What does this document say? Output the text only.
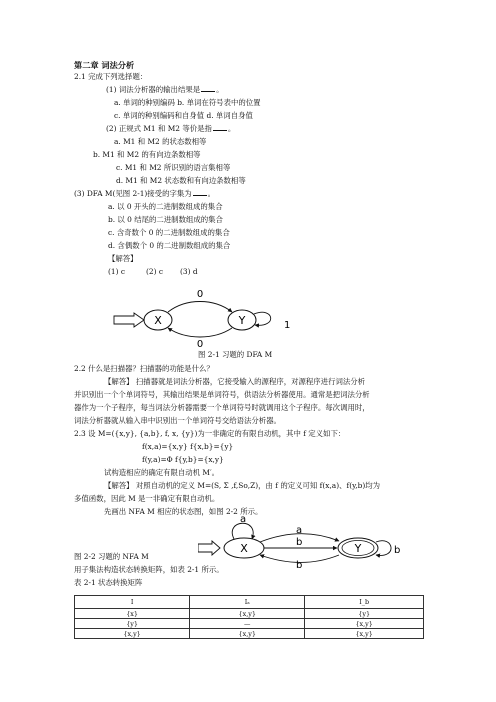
第二章 词法分析
2.1 完成下列选择题：
(1) 词法分析器的输出结果是 。
a. 单词的种别编码 b. 单词在符号表中的位置
c. 单词的种别编码和自身值 d. 单词自身值
(2) 正规式 M1 和 M2 等价是指 。
a. M1 和 M2 的状态数相等
b. M1 和 M2 的有向边条数相等
c. M1 和 M2 所识别的语言集相等
d. M1 和 M2 状态数和有向边条数相等
(3) DFA M(见图 2-1)接受的字集为 。
a. 以 0 开头的二进制数组成的集合
b. 以 0 结尾的二进制数组成的集合
c. 含奇数个 0 的二进制数组成的集合
d. 含偶数个 0 的二进制数组成的集合
【解答】
(1) c	(2) c (3) d
X	Y
0
0
1
图 2-1 习题的 DFA M
2.2 什么是扫描器？扫描器的功能是什么？
【解答】 扫描器就是词法分析器，它接受输入的源程序，对源程序进行词法分析
并识别出一个个单词符号，其输出结果是单词符号，供语法分析器使用。通常是把词法分析
器作为一个子程序，每当词法分析器需要一个单词符号时就调用这个子程序。每次调用时，
词法分析器就从输入串中识别出一个单词符号交给语法分析器。
2.3 设 M=({x,y}, {a,b}, f, x, {y})为一非确定的有限自动机，其中 f 定义如下：
f(x,a)={x,y} f{x,b}={y}
f(y,a)=Φ f{y,b}={x,y}
试构造相应的确定有限自动机 M′。
【解答】 对照自动机的定义 M=(S, Σ ,f,So,Z)，由 f 的定义可知 f(x,a)、f(y,b)均为
多值函数，因此 M 是一非确定有限自动机。
先画出 NFA M 相应的状态图，如图 2-2 所示。
X	Y
a
a
b
b
b
图 2-2 习题的 NFA M
用子集法构造状态转换矩阵，如表 2-1 所示。
表 2-1 状态转换矩阵
I	Iₐ	I_b
{x}	{x,y}	{y}
{y}	—	{x,y}
{x,y}	{x,y}	{x,y}
